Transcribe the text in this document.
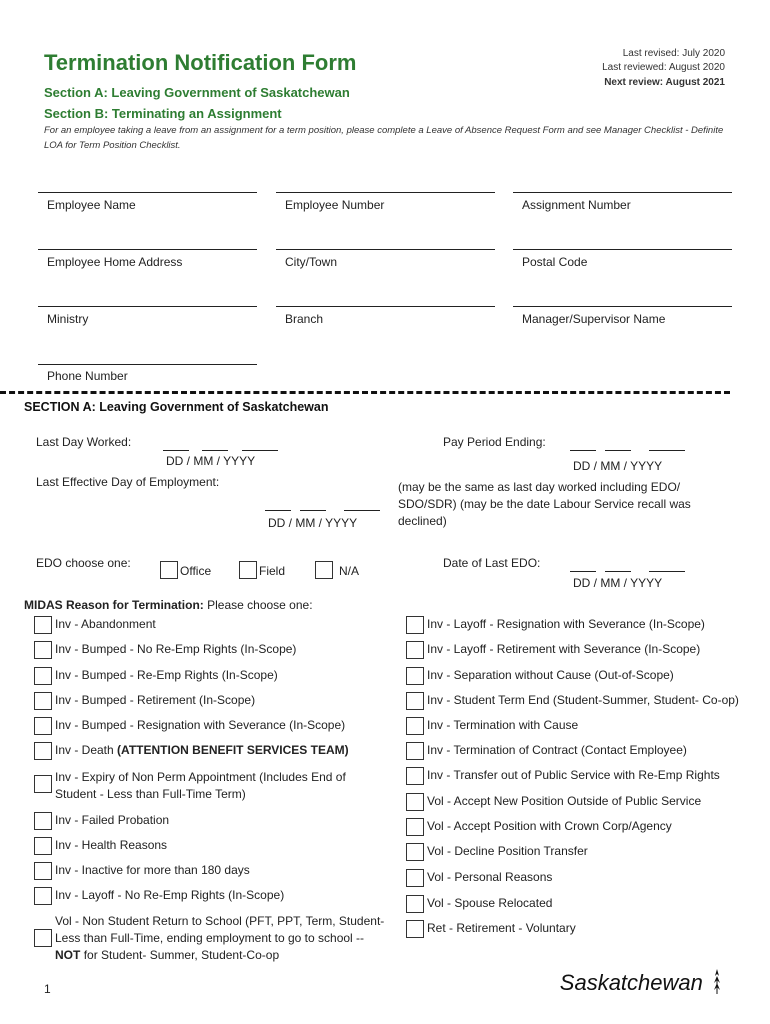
Termination Notification Form
Section A: Leaving Government of Saskatchewan
Section B: Terminating an Assignment
For an employee taking a leave from an assignment for a term position, please complete a Leave of Absence Request Form and see Manager Checklist - Definite LOA for Term Position Checklist.
Last revised: July 2020
Last reviewed: August 2020
Next review: August 2021
Employee Name	Employee Number	Assignment Number
Employee Home Address	City/Town	Postal Code
Ministry	Branch	Manager/Supervisor Name
Phone Number
SECTION A: Leaving Government of Saskatchewan
Last Day Worked:

DD / MM / YYYY
Pay Period Ending:

DD / MM / YYYY
Last Effective Day of Employment:

DD / MM / YYYY
(may be the same as last day worked including EDO/ SDO/SDR) (may be the date Labour Service recall was declined)
EDO choose one:
Office	Field	N/A
Date of Last EDO:

DD / MM / YYYY
MIDAS Reason for Termination: Please choose one:
Inv - Abandonment
Inv - Bumped - No Re-Emp Rights (In-Scope)
Inv - Bumped - Re-Emp Rights (In-Scope)
Inv - Bumped - Retirement (In-Scope)
Inv - Bumped - Resignation with Severance (In-Scope)
Inv - Death (ATTENTION BENEFIT SERVICES TEAM)
Inv - Expiry of Non Perm Appointment (Includes End of Student - Less than Full-Time Term)
Inv - Failed Probation
Inv - Health Reasons
Inv - Inactive for more than 180 days
Inv - Layoff - No Re-Emp Rights (In-Scope)
Vol - Non Student Return to School (PFT, PPT, Term, Student-Less than Full-Time, ending employment to go to school -- NOT for Student- Summer, Student-Co-op
Inv - Layoff - Resignation with Severance (In-Scope)
Inv - Layoff - Retirement with Severance (In-Scope)
Inv - Separation without Cause (Out-of-Scope)
Inv - Student Term End (Student-Summer, Student- Co-op)
Inv - Termination with Cause
Inv - Termination of Contract (Contact Employee)
Inv - Transfer out of Public Service with Re-Emp Rights
Vol - Accept New Position Outside of Public Service
Vol - Accept Position with Crown Corp/Agency
Vol - Decline Position Transfer
Vol - Personal Reasons
Vol - Spouse Relocated
Ret - Retirement - Voluntary
1	Saskatchewan
